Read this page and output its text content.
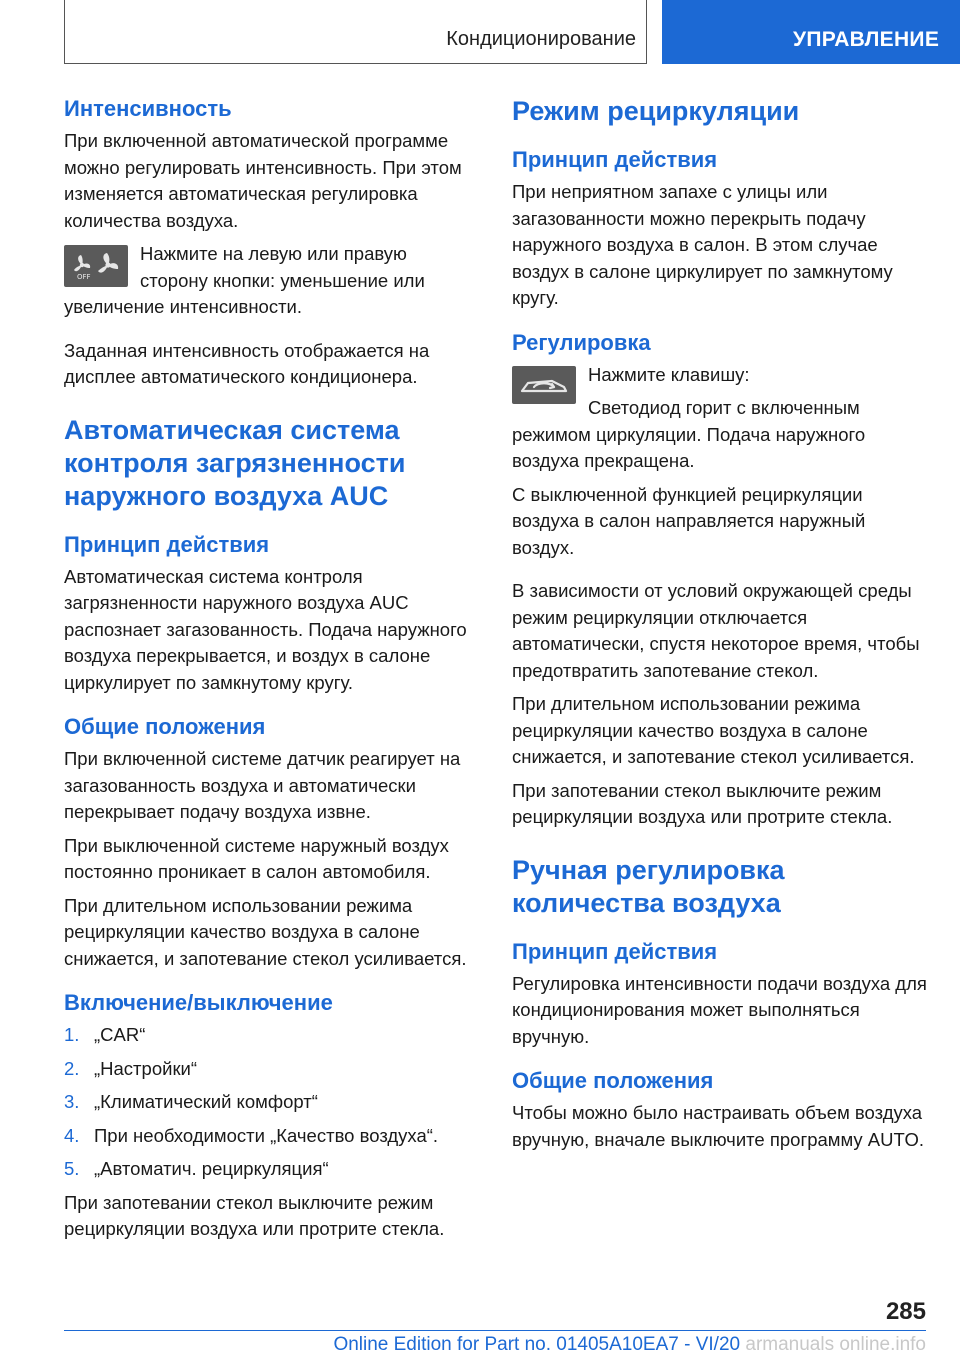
Кондиционирование	УПРАВЛЕНИЕ
Интенсивность

При включенной автоматической программе можно регулировать интенсивность. При этом изменяется автоматическая регулировка количества воздуха.

OFF

Нажмите на левую или правую сторону кнопки: уменьшение или увеличение интенсивности.

Заданная интенсивность отображается на дисплее автоматического кондиционера.

Автоматическая система контроля загрязненности наружного воздуха AUC
Принцип действия

Автоматическая система контроля загрязненности наружного воздуха AUC распознает загазованность. Подача наружного воздуха перекрывается, и воздух в салоне циркулирует по замкнутому кругу.

Общие положения

При включенной системе датчик реагирует на загазованность воздуха и автоматически перекрывает подачу воздуха извне.

При выключенной системе наружный воздух постоянно проникает в салон автомобиля.

При длительном использовании режима рециркуляции качество воздуха в салоне снижается, и запотевание стекол усиливается.

Включение/выключение
1. „CAR“
2. „Настройки“
3. „Климатический комфорт“
4. При необходимости „Качество воздуха“.
5. „Автоматич. рециркуляция“

При запотевании стекол выключите режим рециркуляции воздуха или протрите стекла.

Режим рециркуляции
Принцип действия

При неприятном запахе с улицы или загазованности можно перекрыть подачу наружного воздуха в салон. В этом случае воздух в салоне циркулирует по замкнутому кругу.

Регулировка

Нажмите клавишу:

Светодиод горит с включенным режимом циркуляции. Подача наружного воздуха прекращена.

С выключенной функцией рециркуляции воздуха в салон направляется наружный воздух.

В зависимости от условий окружающей среды режим рециркуляции отключается автоматически, спустя некоторое время, чтобы предотвратить запотевание стекол.

При длительном использовании режима рециркуляции качество воздуха в салоне снижается, и запотевание стекол усиливается.

При запотевании стекол выключите режим рециркуляции воздуха или протрите стекла.

Ручная регулировка количества воздуха
Принцип действия

Регулировка интенсивности подачи воздуха для кондиционирования может выполняться вручную.

Общие положения

Чтобы можно было настраивать объем воздуха вручную, вначале выключите программу AUTO.

285
Online Edition for Part no. 01405A10EA7 - VI/20 armanuals online.info
